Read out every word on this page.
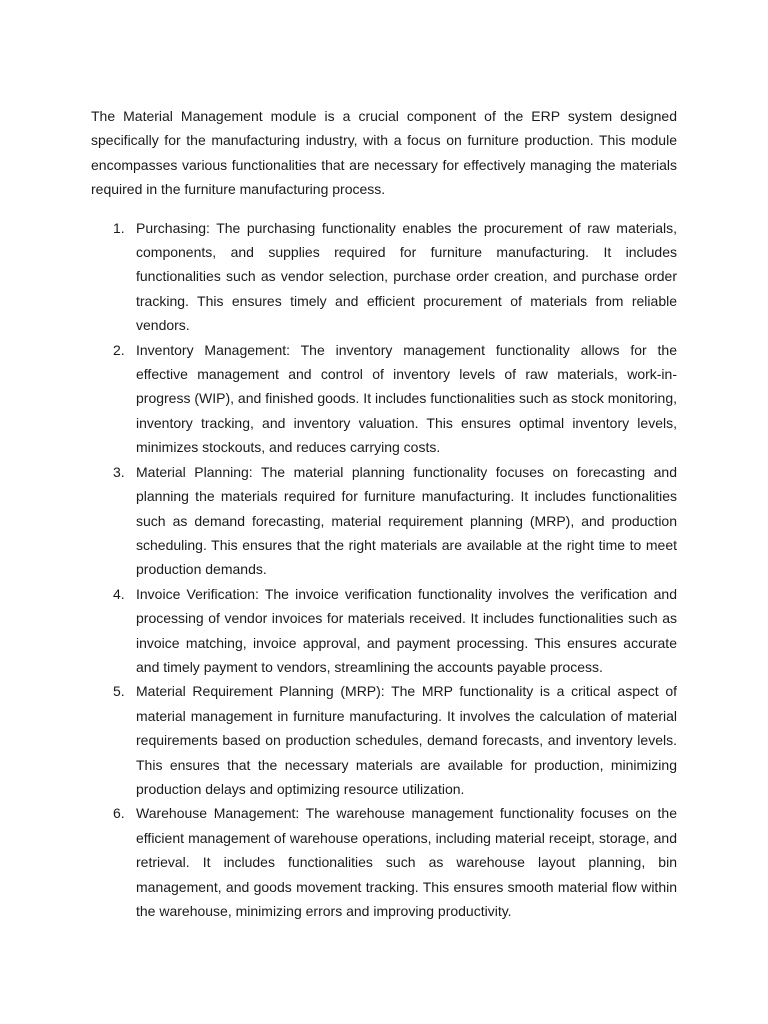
The Material Management module is a crucial component of the ERP system designed specifically for the manufacturing industry, with a focus on furniture production. This module encompasses various functionalities that are necessary for effectively managing the materials required in the furniture manufacturing process.

1. Purchasing: The purchasing functionality enables the procurement of raw materials, components, and supplies required for furniture manufacturing. It includes functionalities such as vendor selection, purchase order creation, and purchase order tracking. This ensures timely and efficient procurement of materials from reliable vendors.
2. Inventory Management: The inventory management functionality allows for the effective management and control of inventory levels of raw materials, work-in-progress (WIP), and finished goods. It includes functionalities such as stock monitoring, inventory tracking, and inventory valuation. This ensures optimal inventory levels, minimizes stockouts, and reduces carrying costs.
3. Material Planning: The material planning functionality focuses on forecasting and planning the materials required for furniture manufacturing. It includes functionalities such as demand forecasting, material requirement planning (MRP), and production scheduling. This ensures that the right materials are available at the right time to meet production demands.
4. Invoice Verification: The invoice verification functionality involves the verification and processing of vendor invoices for materials received. It includes functionalities such as invoice matching, invoice approval, and payment processing. This ensures accurate and timely payment to vendors, streamlining the accounts payable process.
5. Material Requirement Planning (MRP): The MRP functionality is a critical aspect of material management in furniture manufacturing. It involves the calculation of material requirements based on production schedules, demand forecasts, and inventory levels. This ensures that the necessary materials are available for production, minimizing production delays and optimizing resource utilization.
6. Warehouse Management: The warehouse management functionality focuses on the efficient management of warehouse operations, including material receipt, storage, and retrieval. It includes functionalities such as warehouse layout planning, bin management, and goods movement tracking. This ensures smooth material flow within the warehouse, minimizing errors and improving productivity.
